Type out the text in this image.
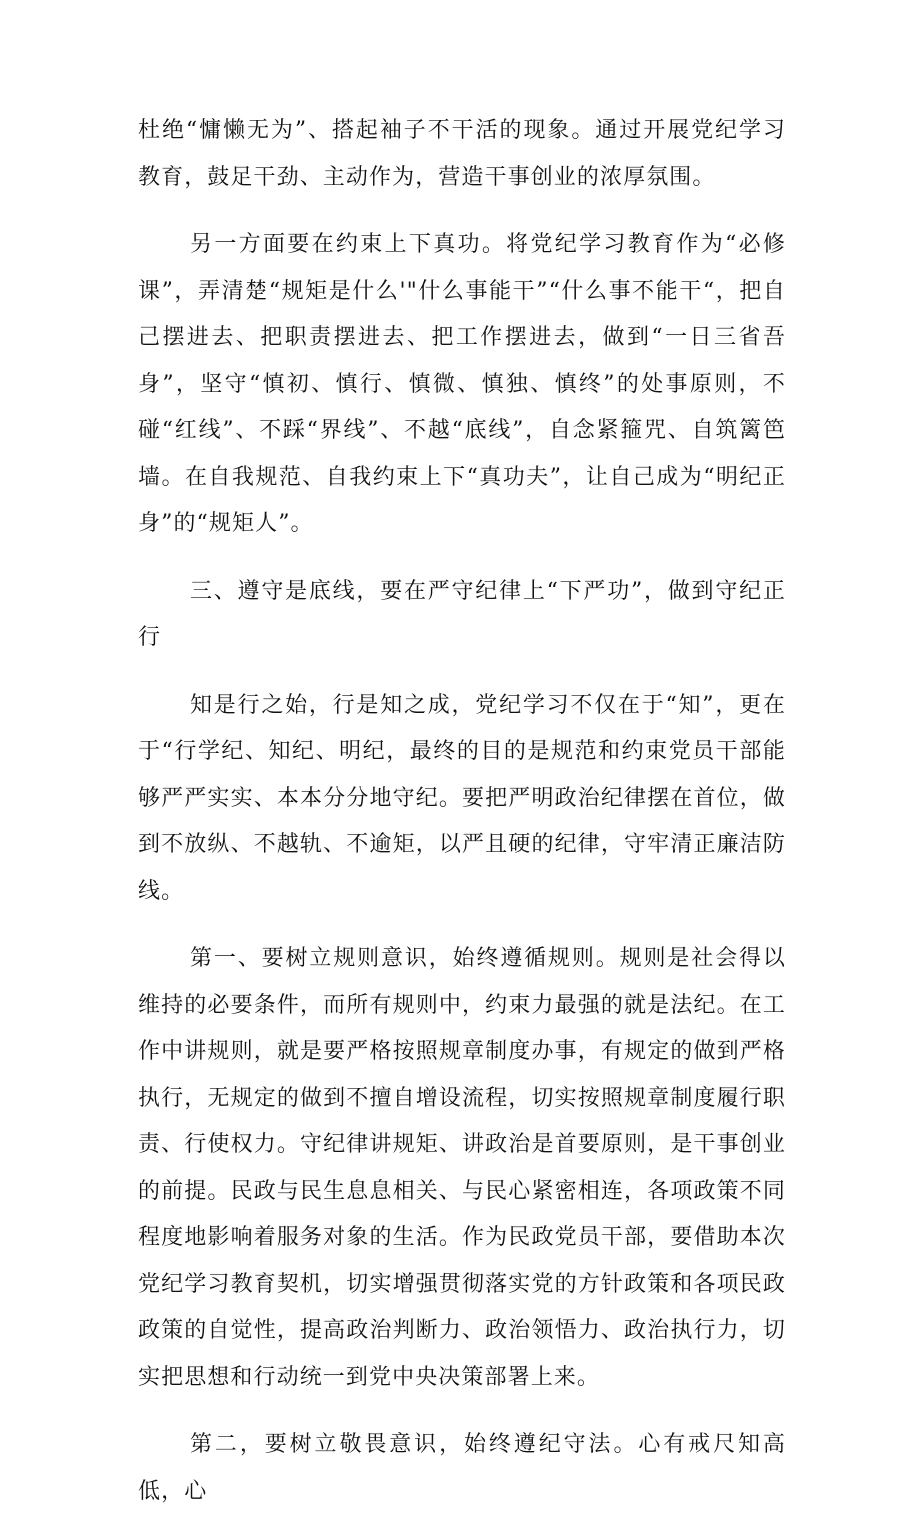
杜绝“慵懒无为”、搭起袖子不干活的现象。通过开展党纪学习教育，鼓足干劲、主动作为，营造干事创业的浓厚氛围。

另一方面要在约束上下真功。将党纪学习教育作为“必修课”，弄清楚“规矩是什么'"什么事能干”“什么事不能干“，把自己摆进去、把职责摆进去、把工作摆进去，做到“一日三省吾身”，坚守“慎初、慎行、慎微、慎独、慎终”的处事原则，不碰“红线”、不踩“界线”、不越“底线”，自念紧箍咒、自筑篱笆墙。在自我规范、自我约束上下“真功夫”，让自己成为“明纪正身”的“规矩人”。

三、遵守是底线，要在严守纪律上“下严功”，做到守纪正行

知是行之始，行是知之成，党纪学习不仅在于“知”，更在于“行学纪、知纪、明纪，最终的目的是规范和约束党员干部能够严严实实、本本分分地守纪。要把严明政治纪律摆在首位，做到不放纵、不越轨、不逾矩，以严且硬的纪律，守牢清正廉洁防线。

第一、要树立规则意识，始终遵循规则。规则是社会得以维持的必要条件，而所有规则中，约束力最强的就是法纪。在工作中讲规则，就是要严格按照规章制度办事，有规定的做到严格执行，无规定的做到不擅自增设流程，切实按照规章制度履行职责、行使权力。守纪律讲规矩、讲政治是首要原则，是干事创业的前提。民政与民生息息相关、与民心紧密相连，各项政策不同程度地影响着服务对象的生活。作为民政党员干部，要借助本次党纪学习教育契机，切实增强贯彻落实党的方针政策和各项民政政策的自觉性，提高政治判断力、政治领悟力、政治执行力，切实把思想和行动统一到党中央决策部署上来。

第二，要树立敬畏意识，始终遵纪守法。心有戒尺知高低，心
